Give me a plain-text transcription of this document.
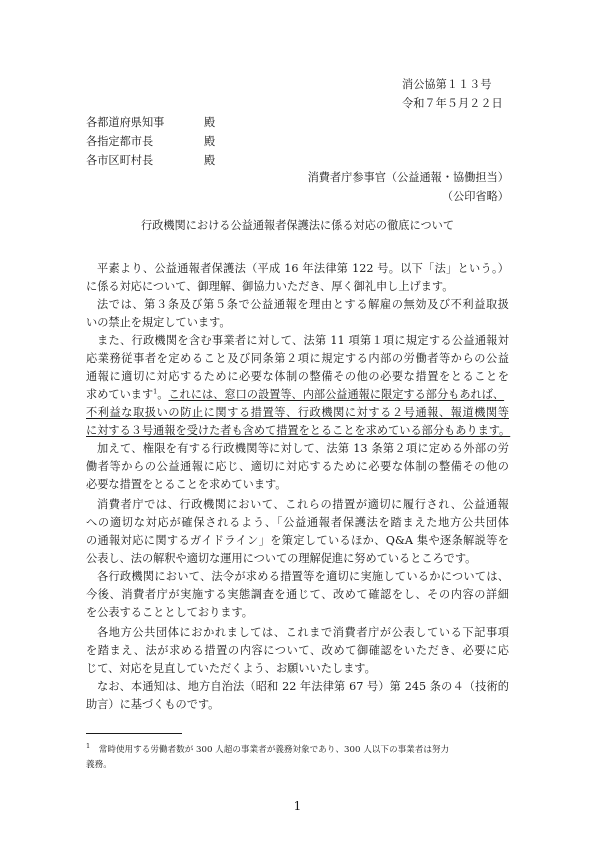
消公協第１１３号

令和７年５月２２日

各都道府県知事	殿

各指定都市長	殿

各市区町村長	殿

消費者庁参事官（公益通報・協働担当）

（公印省略）

行政機関における公益通報者保護法に係る対応の徹底について

平素より、公益通報者保護法（平成 16 年法律第 122 号。以下「法」という。）

に係る対応について、御理解、御協力いただき、厚く御礼申し上げます。

法では、第３条及び第５条で公益通報を理由とする解雇の無効及び不利益取扱

いの禁止を規定しています。

また、行政機関を含む事業者に対して、法第 11 項第１項に規定する公益通報対

応業務従事者を定めること及び同条第２項に規定する内部の労働者等からの公益

通報に適切に対応するために必要な体制の整備その他の必要な措置をとることを

求めています$^1$。これには、窓口の設置等、内部公益通報に限定する部分もあれば、

不利益な取扱いの防止に関する措置等、行政機関に対する２号通報、報道機関等

に対する３号通報を受けた者も含めて措置をとることを求めている部分もあります。

加えて、権限を有する行政機関等に対して、法第 13 条第２項に定める外部の労

働者等からの公益通報に応じ、適切に対応するために必要な体制の整備その他の

必要な措置をとることを求めています。

消費者庁では、行政機関において、これらの措置が適切に履行され、公益通報

への適切な対応が確保されるよう、「公益通報者保護法を踏まえた地方公共団体

の通報対応に関するガイドライン」を策定しているほか、Q&A 集や逐条解説等を

公表し、法の解釈や適切な運用についての理解促進に努めているところです。

各行政機関において、法令が求める措置等を適切に実施しているかについては、

今後、消費者庁が実施する実態調査を通じて、改めて確認をし、その内容の詳細

を公表することとしております。

各地方公共団体におかれましては、これまで消費者庁が公表している下記事項

を踏まえ、法が求める措置の内容について、改めて御確認をいただき、必要に応

じて、対応を見直していただくよう、お願いいたします。

なお、本通知は、地方自治法（昭和 22 年法律第 67 号）第 245 条の４（技術的

助言）に基づくものです。

$^1$　 常時使用する労働者数が 300 人超の事業者が義務対象であり、300 人以下の事業者は努力

義務。

1
